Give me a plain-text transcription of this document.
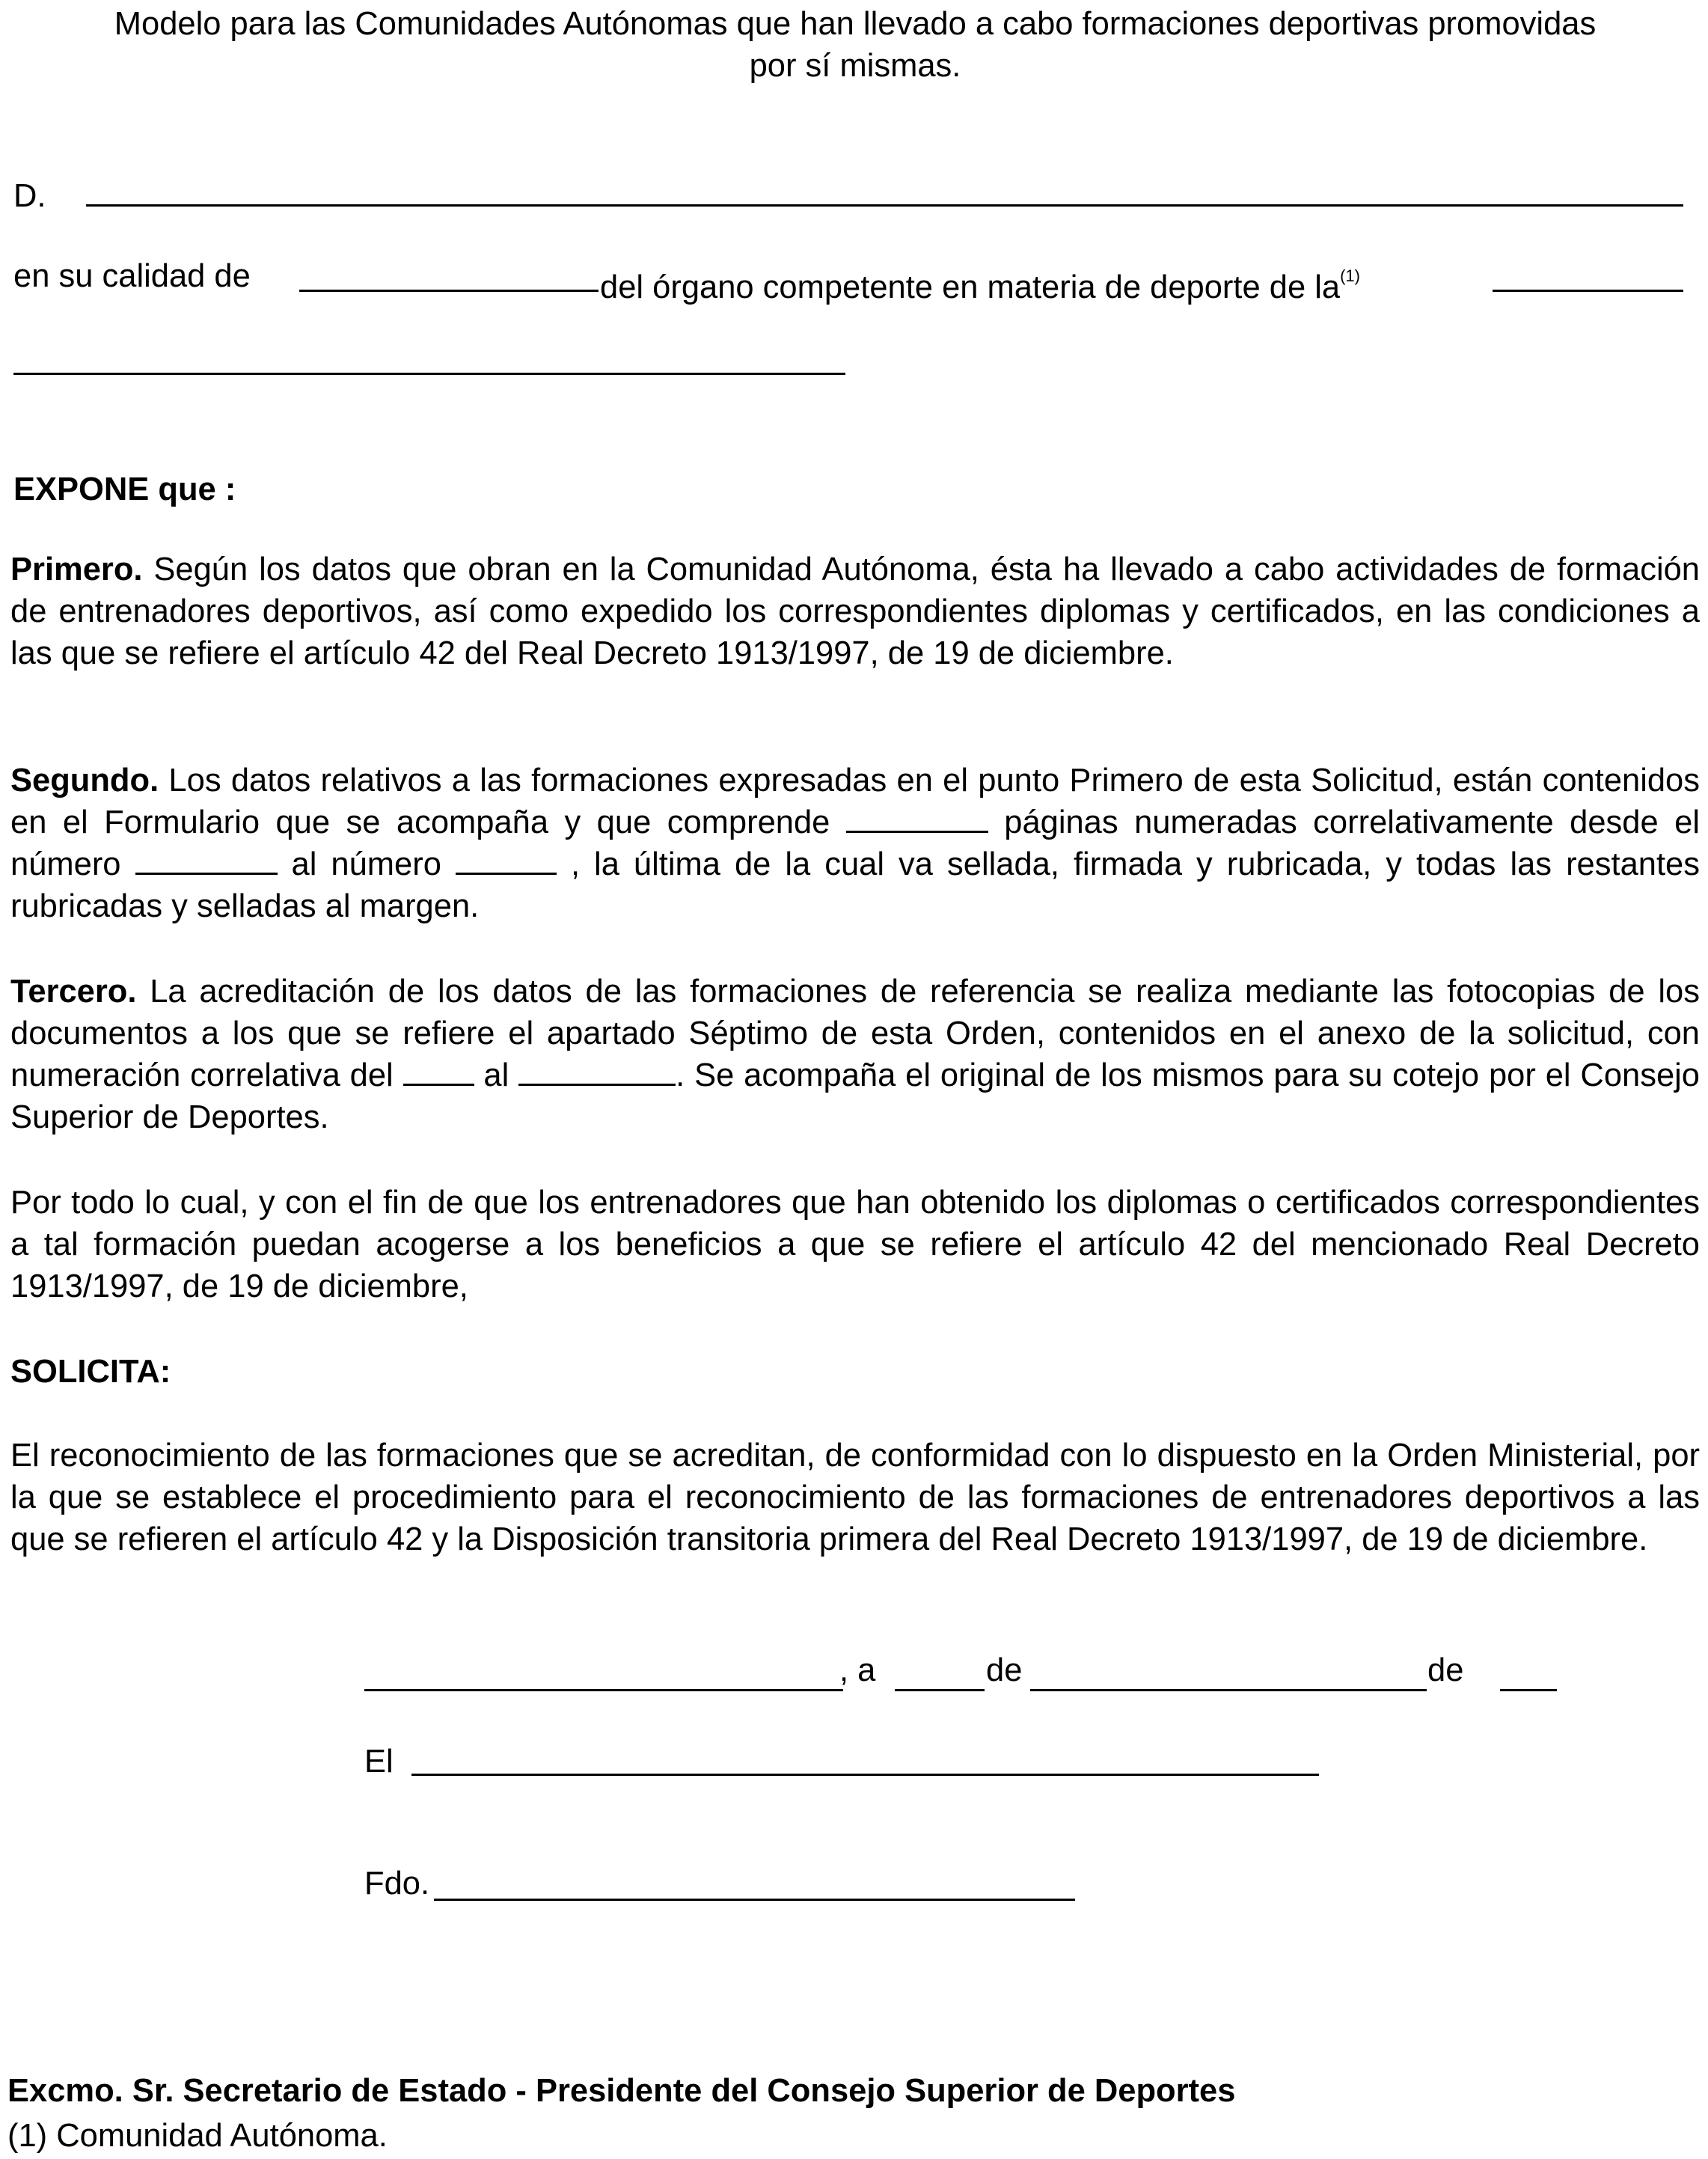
Modelo para las Comunidades Autónomas que han llevado a cabo formaciones deportivas promovidas
por sí mismas.

D.
en su calidad de	del órgano competente en materia de deporte de $la^{(1)}$
EXPONE que :

Primero. Según los datos que obran en la Comunidad Autónoma, ésta ha llevado a cabo actividades de formación de entrenadores deportivos, así como expedido los correspondientes diplomas y certificados, en las condiciones a las que se refiere el artículo 42 del Real Decreto 1913/1997, de 19 de diciembre.

Segundo. Los datos relativos a las formaciones expresadas en el punto Primero de esta Solicitud, están contenidos en el Formulario que se acompaña y que comprende	páginas numeradas correlativamente desde el número	al número	, la última de la cual va sellada, firmada y rubricada, y todas las restantes rubricadas y selladas al margen.

Tercero. La acreditación de los datos de las formaciones de referencia se realiza mediante las fotocopias de los documentos a los que se refiere el apartado Séptimo de esta Orden, contenidos en el anexo de la solicitud, con numeración correlativa del  al	. Se acompaña el original de los mismos para su cotejo por el Consejo Superior de Deportes.

Por todo lo cual, y con el fin de que los entrenadores que han obtenido los diplomas o certificados correspondientes a tal formación puedan acogerse a los beneficios a que se refiere el artículo 42 del mencionado Real Decreto 1913/1997, de 19 de diciembre,

SOLICITA:

El reconocimiento de las formaciones que se acreditan, de conformidad con lo dispuesto en la Orden Ministerial, por la que se establece el procedimiento para el reconocimiento de las formaciones de entrenadores deportivos a las que se refieren el artículo 42 y la Disposición transitoria primera del Real Decreto 1913/1997, de 19 de diciembre.

, a	de	de
El
Fdo.
Excmo. Sr. Secretario de Estado - Presidente del Consejo Superior de Deportes
(1) Comunidad Autónoma.
